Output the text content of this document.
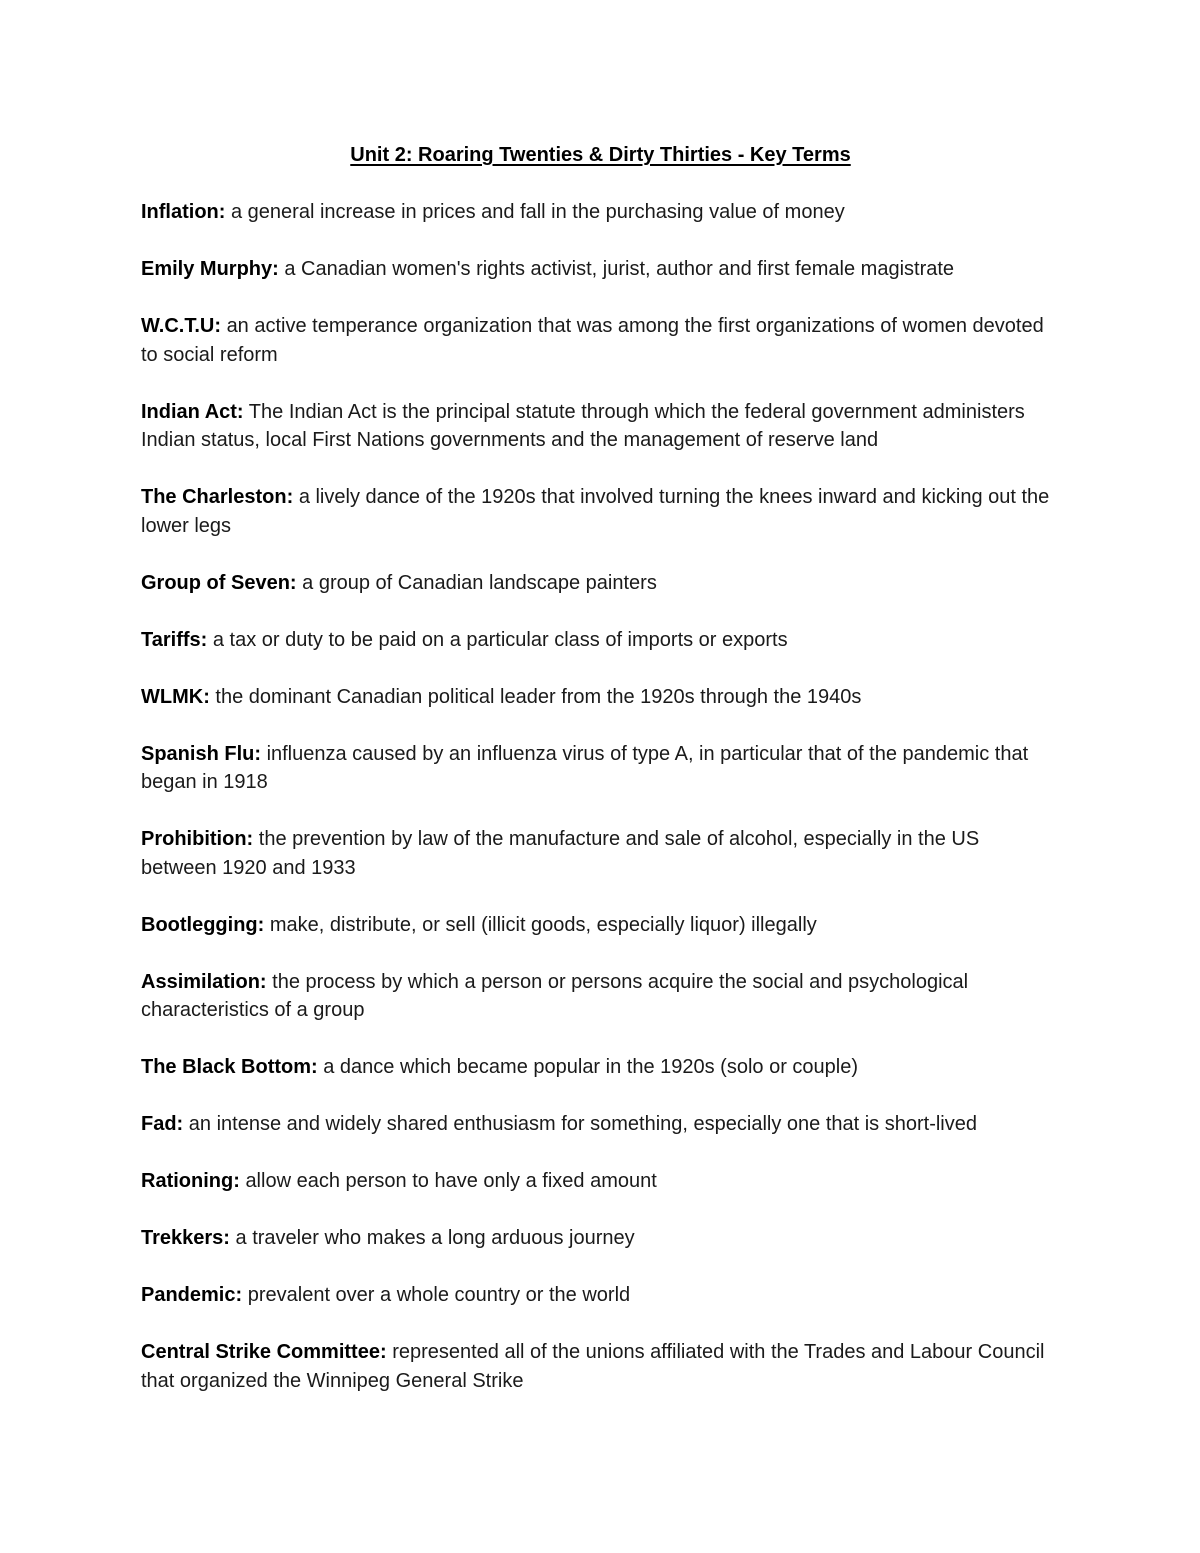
Unit 2: Roaring Twenties & Dirty Thirties - Key Terms
Inflation: a general increase in prices and fall in the purchasing value of money
Emily Murphy: a Canadian women's rights activist, jurist, author and first female magistrate
W.C.T.U: an active temperance organization that was among the first organizations of women devoted to social reform
Indian Act: The Indian Act is the principal statute through which the federal government administers Indian status, local First Nations governments and the management of reserve land
The Charleston: a lively dance of the 1920s that involved turning the knees inward and kicking out the lower legs
Group of Seven: a group of Canadian landscape painters
Tariffs: a tax or duty to be paid on a particular class of imports or exports
WLMK: the dominant Canadian political leader from the 1920s through the 1940s
Spanish Flu: influenza caused by an influenza virus of type A, in particular that of the pandemic that began in 1918
Prohibition: the prevention by law of the manufacture and sale of alcohol, especially in the US between 1920 and 1933
Bootlegging: make, distribute, or sell (illicit goods, especially liquor) illegally
Assimilation: the process by which a person or persons acquire the social and psychological characteristics of a group
The Black Bottom: a dance which became popular in the 1920s (solo or couple)
Fad: an intense and widely shared enthusiasm for something, especially one that is short-lived
Rationing: allow each person to have only a fixed amount
Trekkers: a traveler who makes a long arduous journey
Pandemic: prevalent over a whole country or the world
Central Strike Committee: represented all of the unions affiliated with the Trades and Labour Council that organized the Winnipeg General Strike
